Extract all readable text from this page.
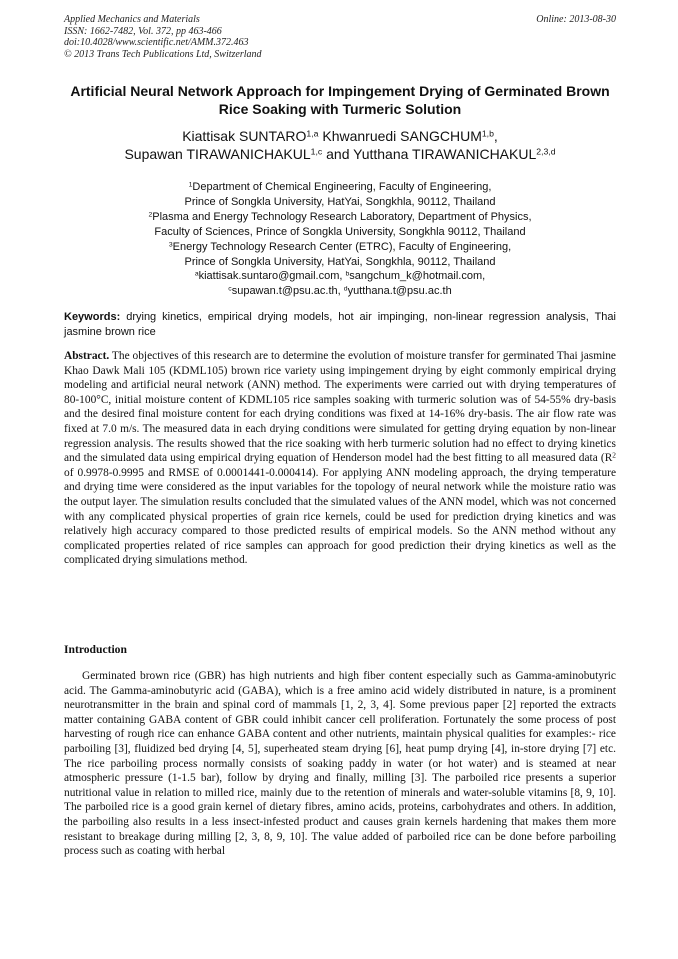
Applied Mechanics and Materials
ISSN: 1662-7482, Vol. 372, pp 463-466
doi:10.4028/www.scientific.net/AMM.372.463
© 2013 Trans Tech Publications Ltd, Switzerland
Online: 2013-08-30
Artificial Neural Network Approach for Impingement Drying of Germinated Brown Rice Soaking with Turmeric Solution
Kiattisak SUNTARO$^{1,a}$ Khwanruedi SANGCHUM$^{1,b}$,
Supawan TIRAWANICHAKUL$^{1,c}$ and Yutthana TIRAWANICHAKUL$^{2,3,d}$
$^1$Department of Chemical Engineering, Faculty of Engineering,
Prince of Songkla University, HatYai, Songkhla, 90112, Thailand
$^2$Plasma and Energy Technology Research Laboratory, Department of Physics,
Faculty of Sciences, Prince of Songkla University, Songkhla 90112, Thailand
$^3$Energy Technology Research Center (ETRC), Faculty of Engineering,
Prince of Songkla University, HatYai, Songkhla, 90112, Thailand
$^a$kiattisak.suntaro@gmail.com, $^b$sangchum_k@hotmail.com,
$^c$supawan.t@psu.ac.th, $^d$yutthana.t@psu.ac.th
Keywords: drying kinetics, empirical drying models, hot air impinging, non-linear regression analysis, Thai jasmine brown rice
Abstract. The objectives of this research are to determine the evolution of moisture transfer for germinated Thai jasmine Khao Dawk Mali 105 (KDML105) brown rice variety using impingement drying by eight commonly empirical drying modeling and artificial neural network (ANN) method. The experiments were carried out with drying temperatures of 80-100°C, initial moisture content of KDML105 rice samples soaking with turmeric solution was of 54-55% dry-basis and the desired final moisture content for each drying conditions was fixed at 14-16% dry-basis. The air flow rate was fixed at 7.0 m/s. The measured data in each drying conditions were simulated for getting drying equation by non-linear regression analysis. The results showed that the rice soaking with herb turmeric solution had no effect to drying kinetics and the simulated data using empirical drying equation of Henderson model had the best fitting to all measured data ($R^2$ of 0.9978-0.9995 and RMSE of 0.0001441-0.000414). For applying ANN modeling approach, the drying temperature and drying time were considered as the input variables for the topology of neural network while the moisture ratio was the output layer. The simulation results concluded that the simulated values of the ANN model, which was not concerned with any complicated physical properties of grain rice kernels, could be used for prediction drying kinetics and was relatively high accuracy compared to those predicted results of empirical models. So the ANN method without any complicated properties related of rice samples can approach for good prediction their drying kinetics as well as the complicated drying simulations method.
Introduction
Germinated brown rice (GBR) has high nutrients and high fiber content especially such as Gamma-aminobutyric acid. The Gamma-aminobutyric acid (GABA), which is a free amino acid widely distributed in nature, is a prominent neurotransmitter in the brain and spinal cord of mammals [1, 2, 3, 4]. Some previous paper [2] reported the extracts matter containing GABA content of GBR could inhibit cancer cell proliferation. Fortunately the some process of post harvesting of rough rice can enhance GABA content and other nutrients, maintain physical qualities for examples:- rice parboiling [3], fluidized bed drying [4, 5], superheated steam drying [6], heat pump drying [4], in-store drying [7] etc. The rice parboiling process normally consists of soaking paddy in water (or hot water) and is steamed at near atmospheric pressure (1-1.5 bar), follow by drying and finally, milling [3]. The parboiled rice presents a superior nutritional value in relation to milled rice, mainly due to the retention of minerals and water-soluble vitamins [8, 9, 10]. The parboiled rice is a good grain kernel of dietary fibres, amino acids, proteins, carbohydrates and others. In addition, the parboiling also results in a less insect-infested product and causes grain kernels hardening that makes them more resistant to breakage during milling [2, 3, 8, 9, 10]. The value added of parboiled rice can be done before parboiling process such as coating with herbal
